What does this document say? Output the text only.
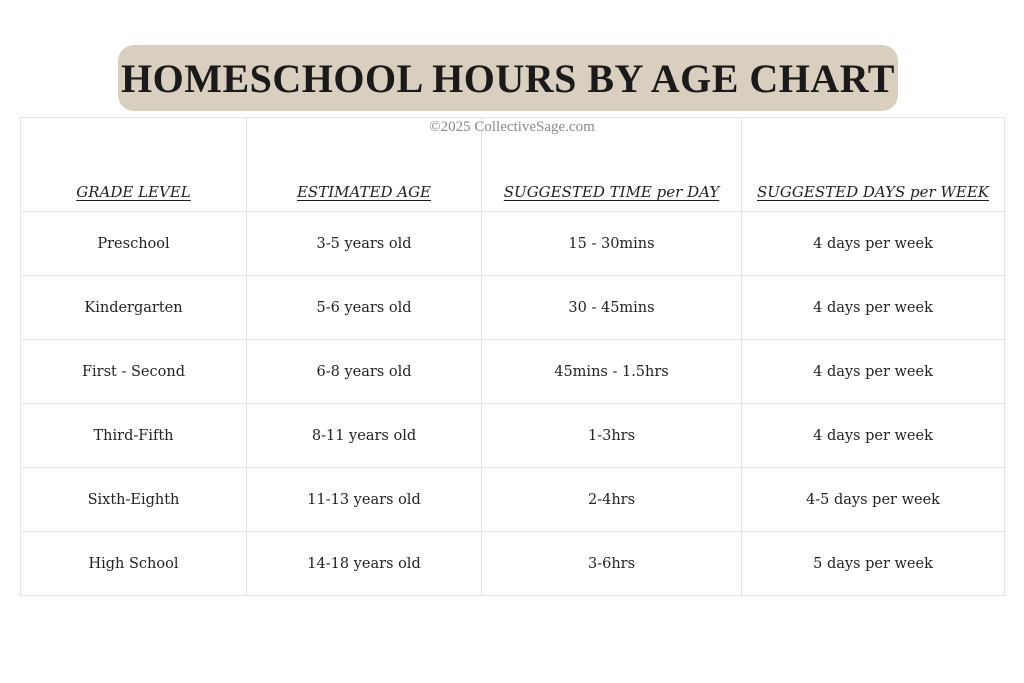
HOMESCHOOL HOURS BY AGE CHART
GRADE LEVEL	ESTIMATED AGE	SUGGESTED TIME per DAY	SUGGESTED DAYS per WEEK
Preschool	3-5 years old	15 - 30mins	4 days per week
Kindergarten	5-6 years old	30 - 45mins	4 days per week
First - Second	6-8 years old	45mins - 1.5hrs	4 days per week
Third-Fifth	8-11 years old	1-3hrs	4 days per week
Sixth-Eighth	11-13 years old	2-4hrs	4-5 days per week
High School	14-18 years old	3-6hrs	5 days per week
©2025 CollectiveSage.com
